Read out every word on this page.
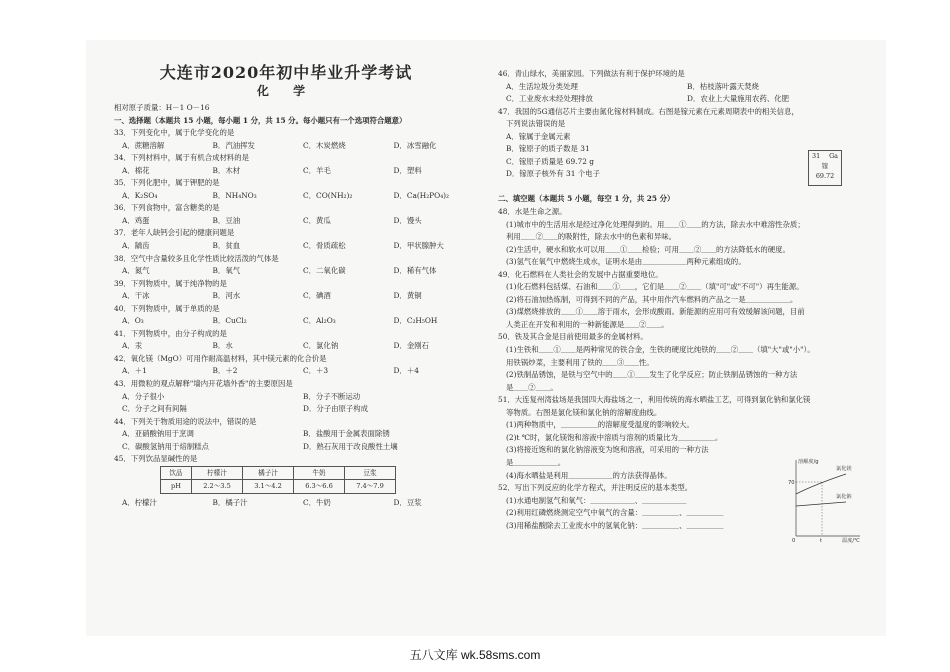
大连市2020年初中毕业升学考试
化 学
相对原子质量：H－1 O－16
一、选择题（本题共 15 小题，每小题 1 分，共 15 分。每小题只有一个选项符合题意）
33．下列变化中，属于化学变化的是
A．蔗糖溶解	B．汽油挥发	C．木炭燃烧	D．冰雪融化
34．下列材料中，属于有机合成材料的是
A．棉花	B．木材	C．羊毛	D．塑料
35．下列化肥中，属于钾肥的是
A．K₂SO₄	B．NH₄NO₃	C．CO(NH₂)₂	D．Ca(H₂PO₄)₂
36．下列食物中，富含糖类的是
A．鸡蛋	B．豆油	C．黄瓜	D．馒头
37．老年人缺钙会引起的健康问题是
A．龋齿	B．贫血	C．骨质疏松	D．甲状腺肿大
38．空气中含量较多且化学性质比较活泼的气体是
A．氮气	B．氧气	C．二氧化碳	D．稀有气体
39．下列物质中，属于纯净物的是
A．干冰	B．河水	C．碘酒	D．黄铜
40．下列物质中，属于单质的是
A．O₃	B．CuCl₂	C．Al₂O₃	D．C₂H₅OH
41．下列物质中，由分子构成的是
A．汞	B．水	C．氯化钠	D．金刚石
42．氧化镁（MgO）可用作耐高温材料，其中镁元素的化合价是
A．＋1	B．＋2	C．＋3	D．＋4
43．用微粒的观点解释"墙内开花墙外香"的主要原因是
A．分子很小	B．分子不断运动
C．分子之间有间隔	D．分子由原子构成
44．下列关于物质用途的说法中，错误的是
A．亚硝酸钠用于烹调	B．盐酸用于金属表面除锈
C．碳酸氢钠用于焙制糕点	D．熟石灰用于改良酸性土壤
45．下列饮品显碱性的是
饮品	柠檬汁	橘子汁	牛奶	豆浆
pH	2.2～3.5	3.1～4.2	6.3～6.6	7.4～7.9
A．柠檬汁	B．橘子汁	C．牛奶	D．豆浆
46．青山绿水，美丽家园。下列做法有利于保护环境的是
A．生活垃圾分类处理	B．枯枝落叶露天焚烧
C．工业废水未经处理排放	D．农业上大量施用农药、化肥
47．我国的5G通信芯片主要由氮化镓材料制成。右图是镓元素在元素周期表中的相关信息，
下列说法错误的是
A．镓属于金属元素
B．镓原子的质子数是 31
C．镓原子质量是 69.72 g
D．镓原子核外有 31 个电子
31 Ga
镓
69.72
二、填空题（本题共 5 小题，每空 1 分，共 25 分）
48．水是生命之源。
(1)城市中的生活用水是经过净化处理得到的。用＿＿①＿＿的方法，除去水中难溶性杂质；
利用＿＿②＿＿的吸附性，除去水中的色素和异味。
(2)生活中，硬水和软水可以用＿＿①＿＿检验；可用＿＿②＿＿的方法降低水的硬度。
(3)氢气在氧气中燃烧生成水，证明水是由＿＿＿＿＿＿两种元素组成的。
49．化石燃料在人类社会的发展中占据重要地位。
(1)化石燃料包括煤、石油和＿＿①＿＿，它们是＿＿②＿＿（填"可"或"不可"）再生能源。
(2)将石油加热炼制，可得到不同的产品，其中用作汽车燃料的产品之一是＿＿＿＿＿＿。
(3)煤燃烧排放的＿＿①＿＿溶于雨水，会形成酸雨。新能源的应用可有效缓解该问题，目前
人类正在开发和利用的一种新能源是＿＿②＿＿。
50．铁及其合金是目前使用最多的金属材料。
(1)生铁和＿＿①＿＿是两种常见的铁合金，生铁的硬度比纯铁的＿＿②＿＿（填"大"或"小"）。
用铁锅炒菜，主要利用了铁的＿＿③＿＿性。
(2)铁制品锈蚀，是铁与空气中的＿＿①＿＿发生了化学反应；防止铁制品锈蚀的一种方法
是＿＿②＿＿。
51．大连复州湾盐场是我国四大海盐场之一，利用传统的海水晒盐工艺，可得到氯化钠和氯化镁
等物质。右图是氯化镁和氯化钠的溶解度曲线。
(1)两种物质中，＿＿＿＿＿的溶解度受温度的影响较大。
(2)t ℃时，氯化镁饱和溶液中溶质与溶剂的质量比为＿＿＿＿＿。
(3)将接近饱和的氯化钠溶液变为饱和溶液，可采用的一种方法
是＿＿＿＿＿＿。
(4)海水晒盐是利用＿＿＿＿＿＿的方法获得晶体。
52．写出下列反应的化学方程式，并注明反应的基本类型。
(1)水通电制氢气和氧气：＿＿＿＿＿＿、＿＿＿＿＿＿
(2)利用红磷燃烧测定空气中氧气的含量：＿＿＿＿＿、＿＿＿＿＿
(3)用稀盐酸除去工业废水中的氢氧化钠：＿＿＿＿＿、＿＿＿＿＿
溶解度/g
70
氯化镁
氯化钠
0	t	温度/℃
五八文库 wk.58sms.com
